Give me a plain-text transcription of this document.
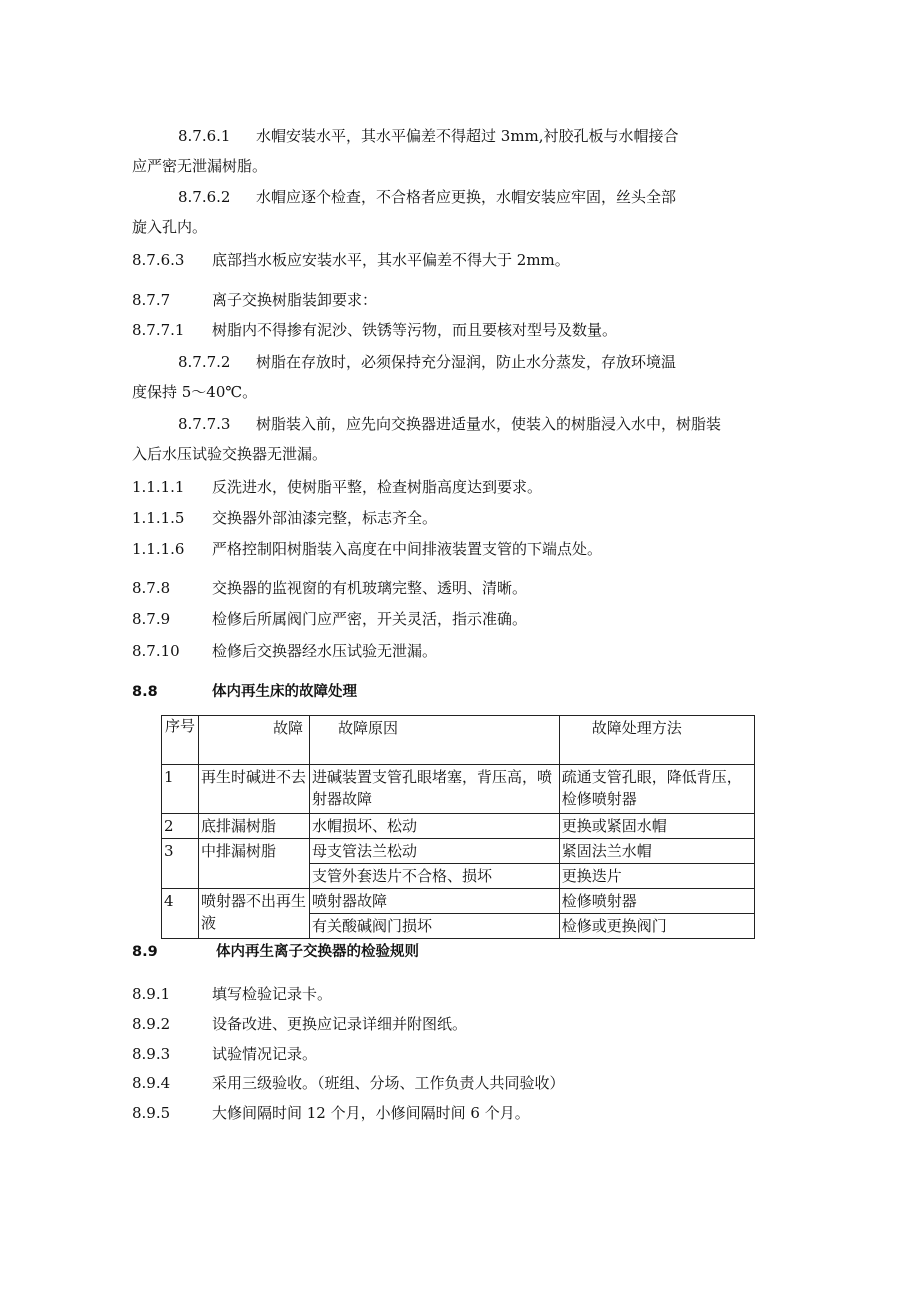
8.7.6.1 水帽安装水平，其水平偏差不得超过 3mm,衬胶孔板与水帽接合
应严密无泄漏树脂。
8.7.6.2 水帽应逐个检查，不合格者应更换，水帽安装应牢固，丝头全部
旋入孔内。
8.7.6.3 底部挡水板应安装水平，其水平偏差不得大于 2mm。
8.7.7	离子交换树脂装卸要求：
8.7.7.1 树脂内不得掺有泥沙、铁锈等污物，而且要核对型号及数量。
8.7.7.2 树脂在存放时，必须保持充分湿润，防止水分蒸发，存放环境温
度保持 5～40℃。
8.7.7.3 树脂装入前，应先向交换器进适量水，使装入的树脂浸入水中，树脂装
入后水压试验交换器无泄漏。
1.1.1.1 反洗进水，使树脂平整，检查树脂高度达到要求。
1.1.1.5 交换器外部油漆完整，标志齐全。
1.1.1.6 严格控制阳树脂装入高度在中间排液装置支管的下端点处。
8.7.8	交换器的监视窗的有机玻璃完整、透明、清晰。
8.7.9	检修后所属阀门应严密，开关灵活，指示准确。
8.7.10 检修后交换器经水压试验无泄漏。
8.8	体内再生床的故障处理
序号	故障	故障原因	故障处理方法
1	再生时碱进不去	进碱装置支管孔眼堵塞，背压高，喷射器故障	疏通支管孔眼，降低背压，检修喷射器
2	底排漏树脂	水帽损坏、松动	更换或紧固水帽
3	中排漏树脂	母支管法兰松动	紧固法兰水帽
		支管外套迭片不合格、损坏	更换迭片
4	喷射器不出再生液	喷射器故障	检修喷射器
		有关酸碱阀门损坏	检修或更换阀门
8.9	体内再生离子交换器的检验规则
8.9.1	填写检验记录卡。
8.9.2	设备改进、更换应记录详细并附图纸。
8.9.3	试验情况记录。
8.9.4	采用三级验收。（班组、分场、工作负责人共同验收）
8.9.5	大修间隔时间 12 个月，小修间隔时间 6 个月。
